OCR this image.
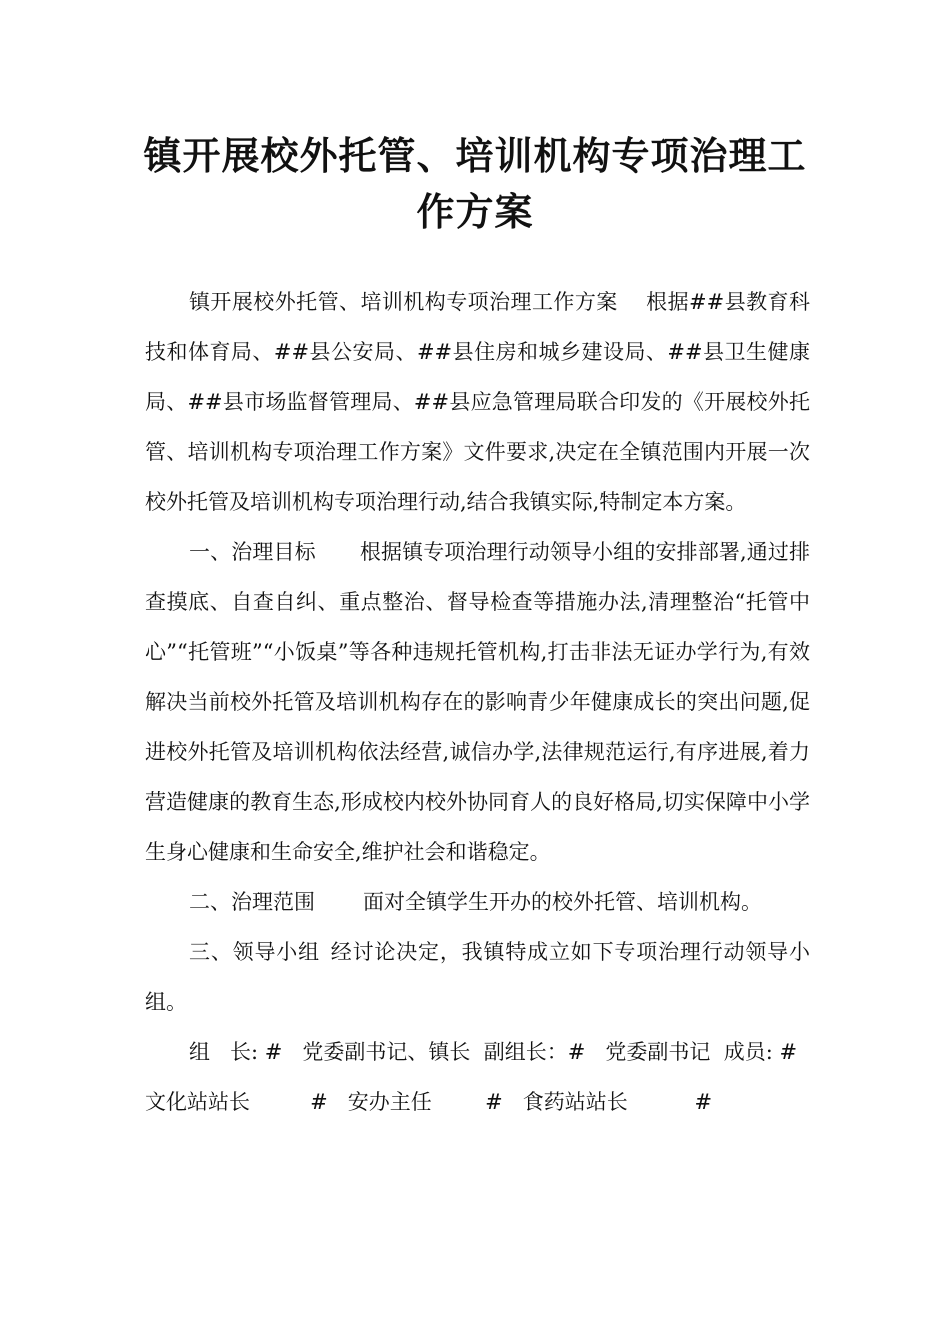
镇开展校外托管、培训机构专项治理工
作方案

镇开展校外托管、培训机构专项治理工作方案    根据##县教育科技和体育局、##县公安局、##县住房和城乡建设局、##县卫生健康局、##县市场监督管理局、##县应急管理局联合印发的《开展校外托管、培训机构专项治理工作方案》文件要求,决定在全镇范围内开展一次校外托管及培训机构专项治理行动,结合我镇实际,特制定本方案。

一、治理目标 根据镇专项治理行动领导小组的安排部署,通过排查摸底、自查自纠、重点整治、督导检查等措施办法,清理整治“托管中心”“托管班”“小饭桌”等各种违规托管机构,打击非法无证办学行为,有效解决当前校外托管及培训机构存在的影响青少年健康成长的突出问题,促进校外托管及培训机构依法经营,诚信办学,法律规范运行,有序进展,着力营造健康的教育生态,形成校内校外协同育人的良好格局,切实保障中小学生身心健康和生命安全,维护社会和谐稳定。

二、治理范围 面对全镇学生开办的校外托管、培训机构。

三、领导小组 经讨论决定，我镇特成立如下专项治理行动领导小组。

组   长: #   党委副书记、镇长  副组长：#   党委副书记  成员: #   文化站站长         #   安办主任        #   食药站站长          #
